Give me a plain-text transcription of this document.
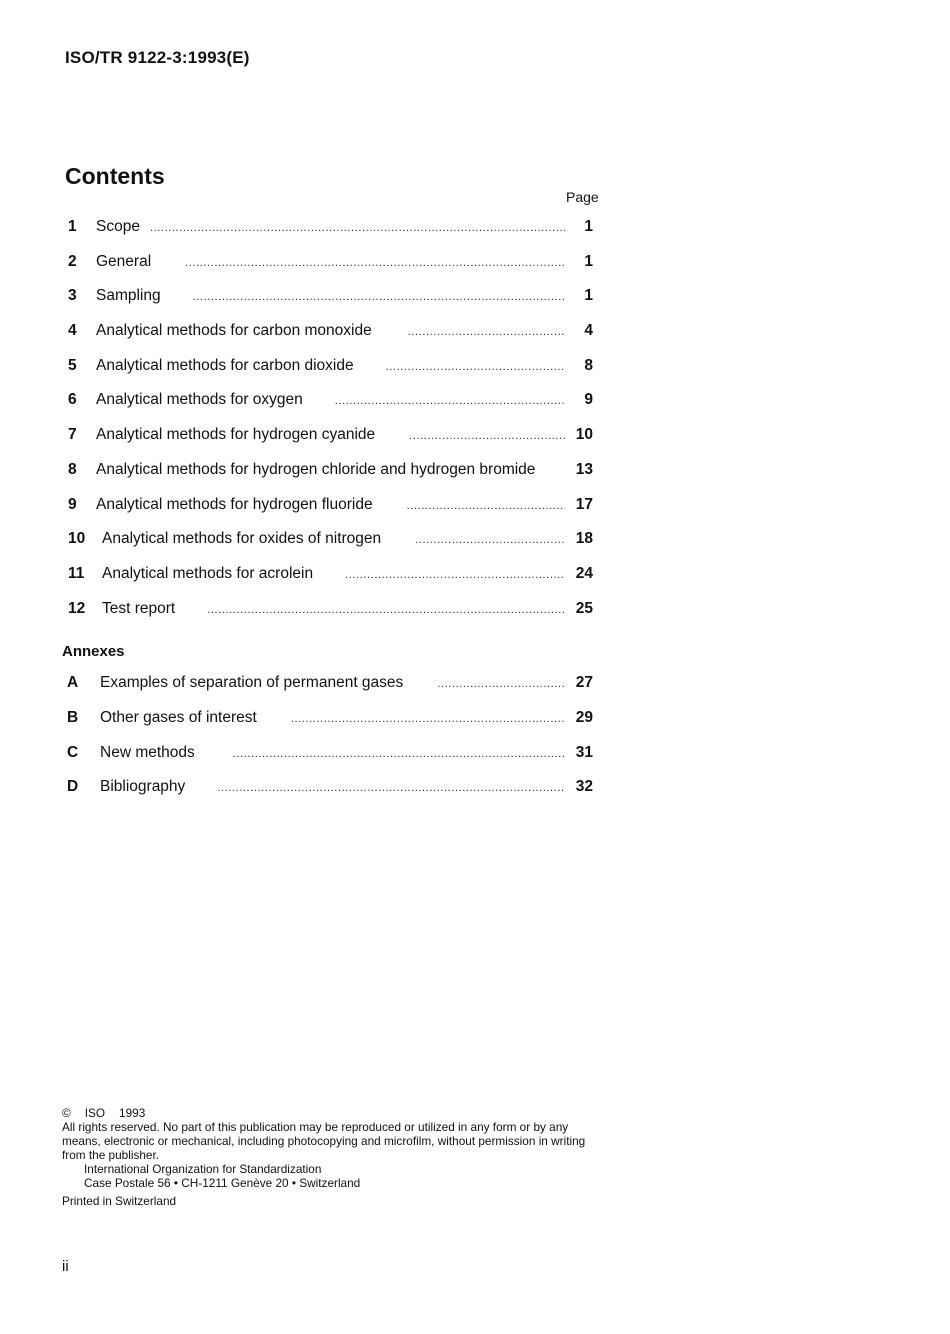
ISO/TR 9122-3:1993(E)
Contents
Page
1	Scope .....	1
2	General .....	1
3	Sampling .....	1
4	Analytical methods for carbon monoxide .....	4
5	Analytical methods for carbon dioxide .....	8
6	Analytical methods for oxygen .....	9
7	Analytical methods for hydrogen cyanide .....	10
8	Analytical methods for hydrogen chloride and hydrogen bromide	13
9	Analytical methods for hydrogen fluoride .....	17
10	Analytical methods for oxides of nitrogen .....	18
11	Analytical methods for acrolein .....	24
12	Test report .....	25
Annexes
A	Examples of separation of permanent gases .....	27
B	Other gases of interest .....	29
C	New methods .....	31
D	Bibliography .....	32
© ISO 1993
All rights reserved. No part of this publication may be reproduced or utilized in any form or by any means, electronic or mechanical, including photocopying and microfilm, without permission in writing from the publisher.
International Organization for Standardization
Case Postale 56 • CH-1211 Genève 20 • Switzerland
Printed in Switzerland
ii
